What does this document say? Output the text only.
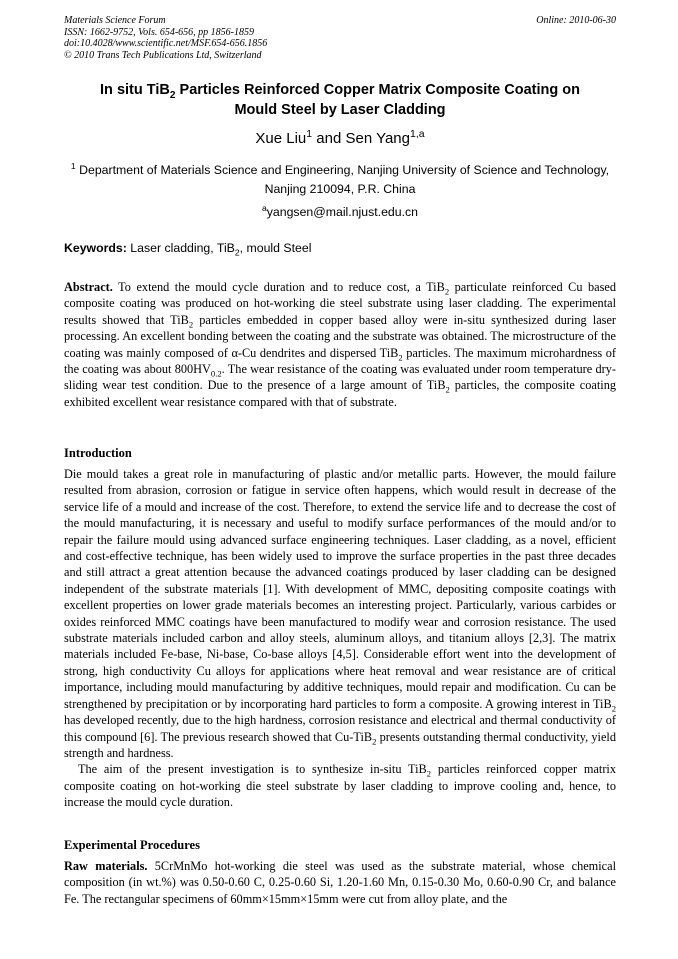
Materials Science Forum
ISSN: 1662-9752, Vols. 654-656, pp 1856-1859
doi:10.4028/www.scientific.net/MSF.654-656.1856
© 2010 Trans Tech Publications Ltd, Switzerland
Online: 2010-06-30
In situ TiB$_2$ Particles Reinforced Copper Matrix Composite Coating on
Mould Steel by Laser Cladding
Xue Liu$^1$ and Sen Yang$^{1,a}$
$^1$ Department of Materials Science and Engineering, Nanjing University of Science and Technology,
Nanjing 210094, P.R. China
$^a$yangsen@mail.njust.edu.cn
Keywords: Laser cladding, TiB$_2$, mould Steel
Abstract. To extend the mould cycle duration and to reduce cost, a TiB$_2$ particulate reinforced Cu based composite coating was produced on hot-working die steel substrate using laser cladding. The experimental results showed that TiB$_2$ particles embedded in copper based alloy were in-situ synthesized during laser processing. An excellent bonding between the coating and the substrate was obtained. The microstructure of the coating was mainly composed of α-Cu dendrites and dispersed TiB$_2$ particles. The maximum microhardness of the coating was about $800HV_{0.2}$. The wear resistance of the coating was evaluated under room temperature dry-sliding wear test condition. Due to the presence of a large amount of TiB$_2$ particles, the composite coating exhibited excellent wear resistance compared with that of substrate.
Introduction

Die mould takes a great role in manufacturing of plastic and/or metallic parts. However, the mould failure resulted from abrasion, corrosion or fatigue in service often happens, which would result in decrease of the service life of a mould and increase of the cost. Therefore, to extend the service life and to decrease the cost of the mould manufacturing, it is necessary and useful to modify surface performances of the mould and/or to repair the failure mould using advanced surface engineering techniques. Laser cladding, as a novel, efficient and cost-effective technique, has been widely used to improve the surface properties in the past three decades and still attract a great attention because the advanced coatings produced by laser cladding can be designed independent of the substrate materials [1]. With development of MMC, depositing composite coatings with excellent properties on lower grade materials becomes an interesting project. Particularly, various carbides or oxides reinforced MMC coatings have been manufactured to modify wear and corrosion resistance. The used substrate materials included carbon and alloy steels, aluminum alloys, and titanium alloys [2,3]. The matrix materials included Fe-base, Ni-base, Co-base alloys [4,5]. Considerable effort went into the development of strong, high conductivity Cu alloys for applications where heat removal and wear resistance are of critical importance, including mould manufacturing by additive techniques, mould repair and modification. Cu can be strengthened by precipitation or by incorporating hard particles to form a composite. A growing interest in TiB$_2$ has developed recently, due to the high hardness, corrosion resistance and electrical and thermal conductivity of this compound [6]. The previous research showed that Cu-TiB$_2$ presents outstanding thermal conductivity, yield strength and hardness.

The aim of the present investigation is to synthesize in-situ TiB$_2$ particles reinforced copper matrix composite coating on hot-working die steel substrate by laser cladding to improve cooling and, hence, to increase the mould cycle duration.

Experimental Procedures
Raw materials. 5CrMnMo hot-working die steel was used as the substrate material, whose chemical composition (in wt.%) was 0.50-0.60 C, 0.25-0.60 Si, 1.20-1.60 Mn, 0.15-0.30 Mo, 0.60-0.90 Cr, and balance Fe. The rectangular specimens of 60mm×15mm×15mm were cut from alloy plate, and the
